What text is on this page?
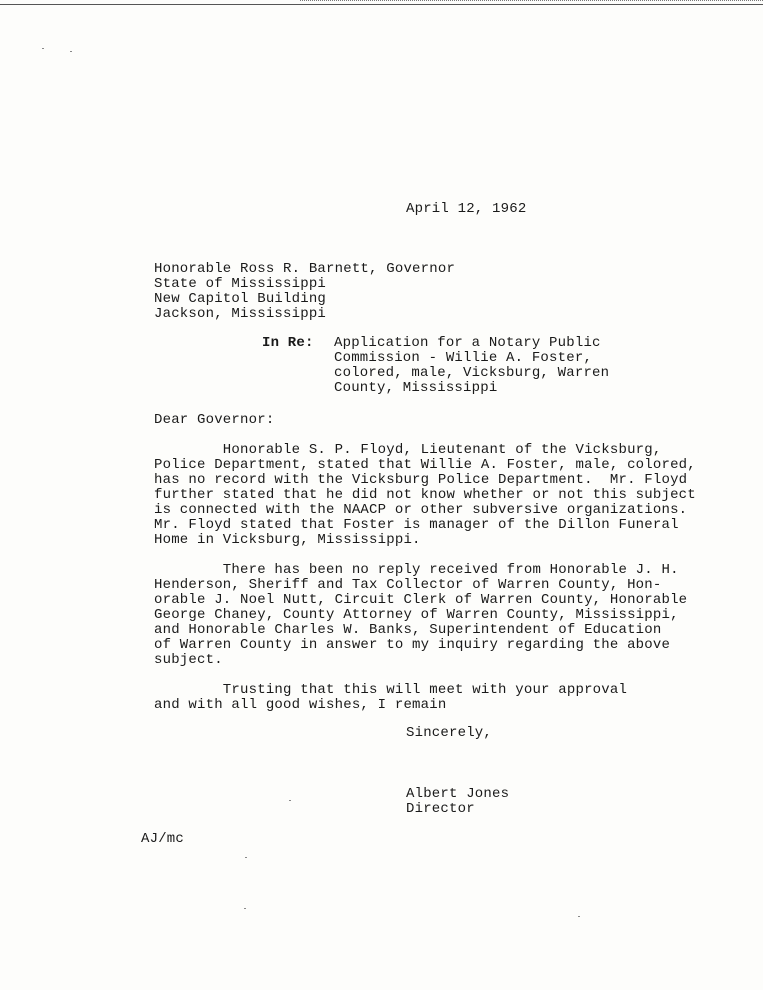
April 12, 1962
Honorable Ross R. Barnett, Governor
State of Mississippi
New Capitol Building
Jackson, Mississippi
In Re: Application for a Notary Public
Commission - Willie A. Foster,
colored, male, Vicksburg, Warren
County, Mississippi
Dear Governor:
Honorable S. P. Floyd, Lieutenant of the Vicksburg,
Police Department, stated that Willie A. Foster, male, colored,
has no record with the Vicksburg Police Department.  Mr. Floyd
further stated that he did not know whether or not this subject
is connected with the NAACP or other subversive organizations.
Mr. Floyd stated that Foster is manager of the Dillon Funeral
Home in Vicksburg, Mississippi.
There has been no reply received from Honorable J. H.
Henderson, Sheriff and Tax Collector of Warren County, Hon-
orable J. Noel Nutt, Circuit Clerk of Warren County, Honorable
George Chaney, County Attorney of Warren County, Mississippi,
and Honorable Charles W. Banks, Superintendent of Education
of Warren County in answer to my inquiry regarding the above
subject.
Trusting that this will meet with your approval
and with all good wishes, I remain
Sincerely,
Albert Jones
Director
AJ/mc
